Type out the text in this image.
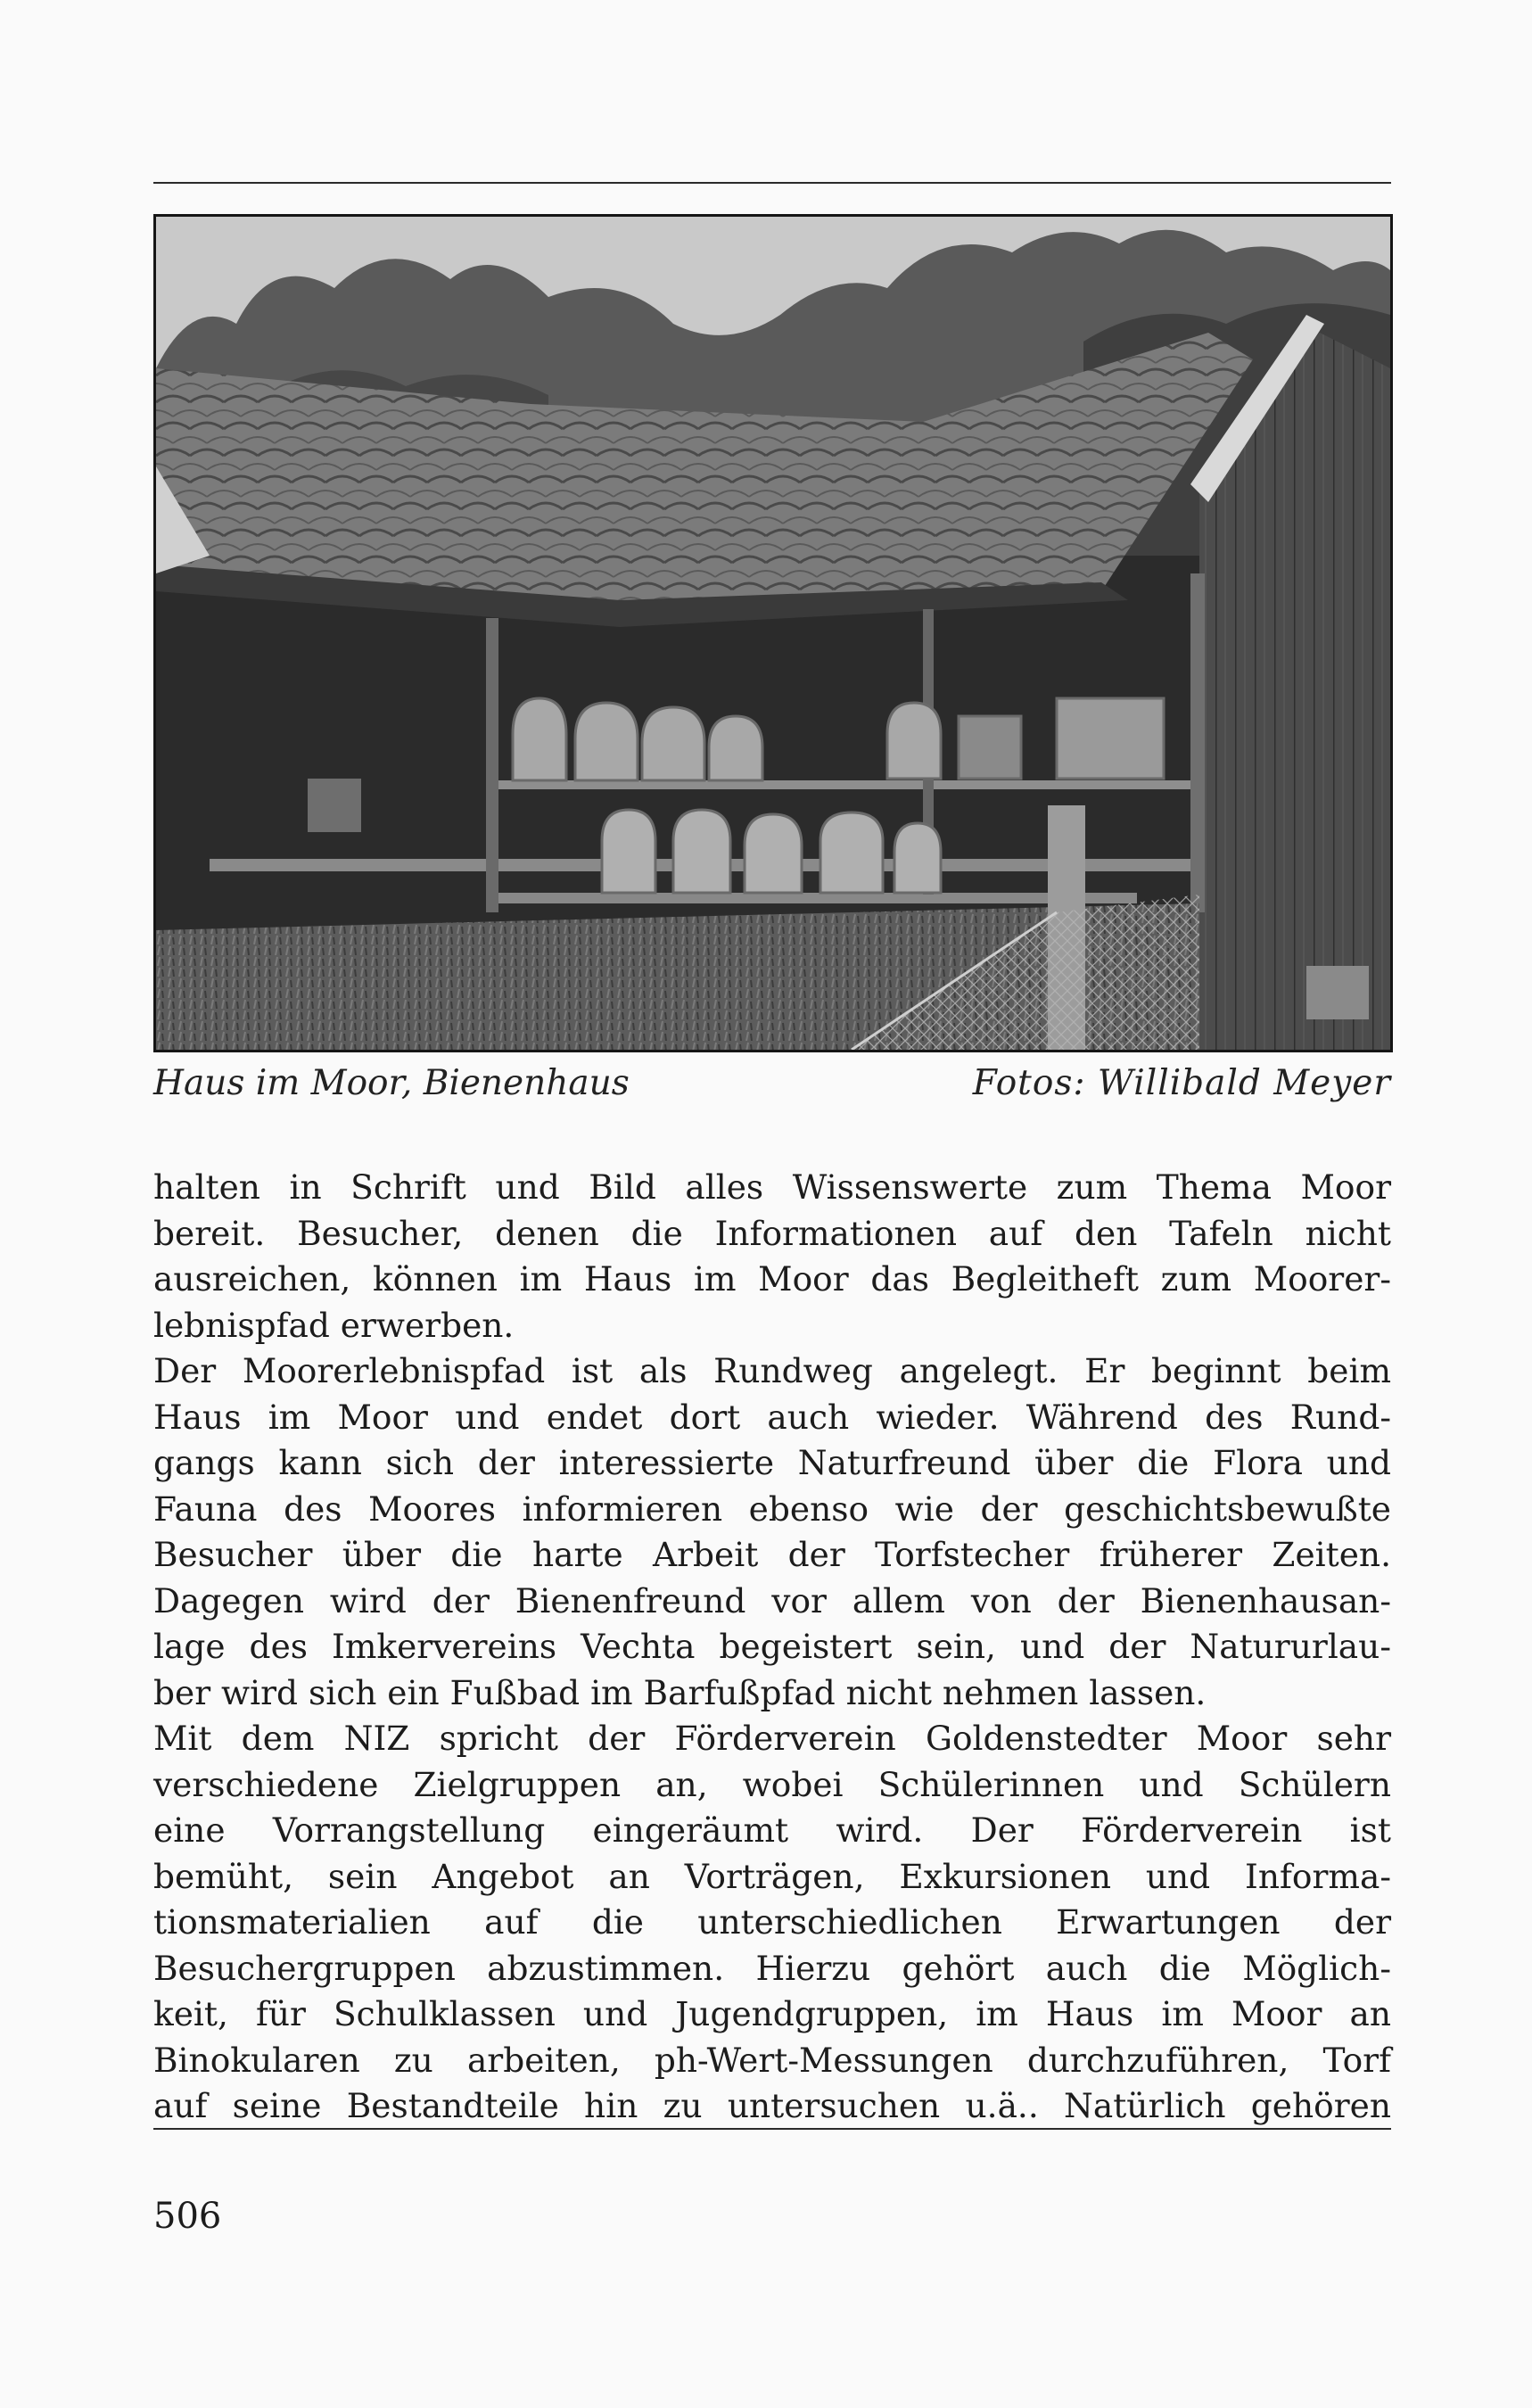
Haus im Moor, Bienenhaus	Fotos: Willibald Meyer
halten in Schrift und Bild alles Wissenswerte zum Thema Moor
bereit. Besucher, denen die Informationen auf den Tafeln nicht
ausreichen, können im Haus im Moor das Begleitheft zum Moorer-
lebnispfad erwerben.
Der Moorerlebnispfad ist als Rundweg angelegt. Er beginnt beim
Haus im Moor und endet dort auch wieder. Während des Rund-
gangs kann sich der interessierte Naturfreund über die Flora und
Fauna des Moores informieren ebenso wie der geschichtsbewußte
Besucher über die harte Arbeit der Torfstecher früherer Zeiten.
Dagegen wird der Bienenfreund vor allem von der Bienenhausan-
lage des Imkervereins Vechta begeistert sein, und der Natururlau-
ber wird sich ein Fußbad im Barfußpfad nicht nehmen lassen.
Mit dem NIZ spricht der Förderverein Goldenstedter Moor sehr
verschiedene Zielgruppen an, wobei Schülerinnen und Schülern
eine Vorrangstellung eingeräumt wird. Der Förderverein ist
bemüht, sein Angebot an Vorträgen, Exkursionen und Informa-
tionsmaterialien auf die unterschiedlichen Erwartungen der
Besuchergruppen abzustimmen. Hierzu gehört auch die Möglich-
keit, für Schulklassen und Jugendgruppen, im Haus im Moor an
Binokularen zu arbeiten, ph-Wert-Messungen durchzuführen, Torf
auf seine Bestandteile hin zu untersuchen u.ä.. Natürlich gehören
506
